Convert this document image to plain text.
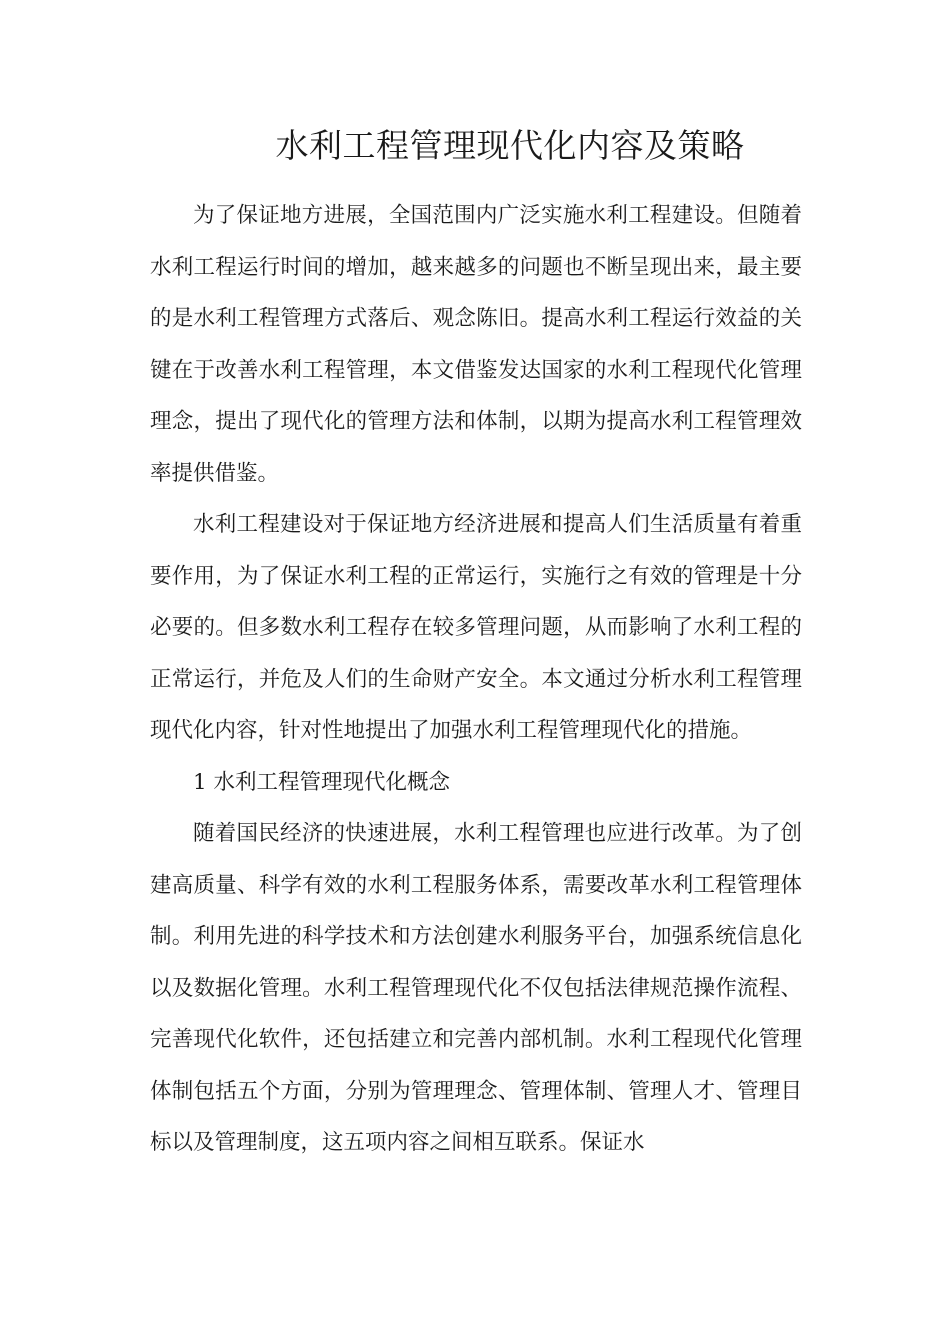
水利工程管理现代化内容及策略

为了保证地方进展，全国范围内广泛实施水利工程建设。但随着水利工程运行时间的增加，越来越多的问题也不断呈现出来，最主要的是水利工程管理方式落后、观念陈旧。提高水利工程运行效益的关键在于改善水利工程管理，本文借鉴发达国家的水利工程现代化管理理念，提出了现代化的管理方法和体制，以期为提高水利工程管理效率提供借鉴。

水利工程建设对于保证地方经济进展和提高人们生活质量有着重要作用，为了保证水利工程的正常运行，实施行之有效的管理是十分必要的。但多数水利工程存在较多管理问题，从而影响了水利工程的正常运行，并危及人们的生命财产安全。本文通过分析水利工程管理现代化内容，针对性地提出了加强水利工程管理现代化的措施。

1 水利工程管理现代化概念

随着国民经济的快速进展，水利工程管理也应进行改革。为了创建高质量、科学有效的水利工程服务体系，需要改革水利工程管理体制。利用先进的科学技术和方法创建水利服务平台，加强系统信息化以及数据化管理。水利工程管理现代化不仅包括法律规范操作流程、完善现代化软件，还包括建立和完善内部机制。水利工程现代化管理体制包括五个方面，分别为管理理念、管理体制、管理人才、管理目标以及管理制度，这五项内容之间相互联系。保证水
